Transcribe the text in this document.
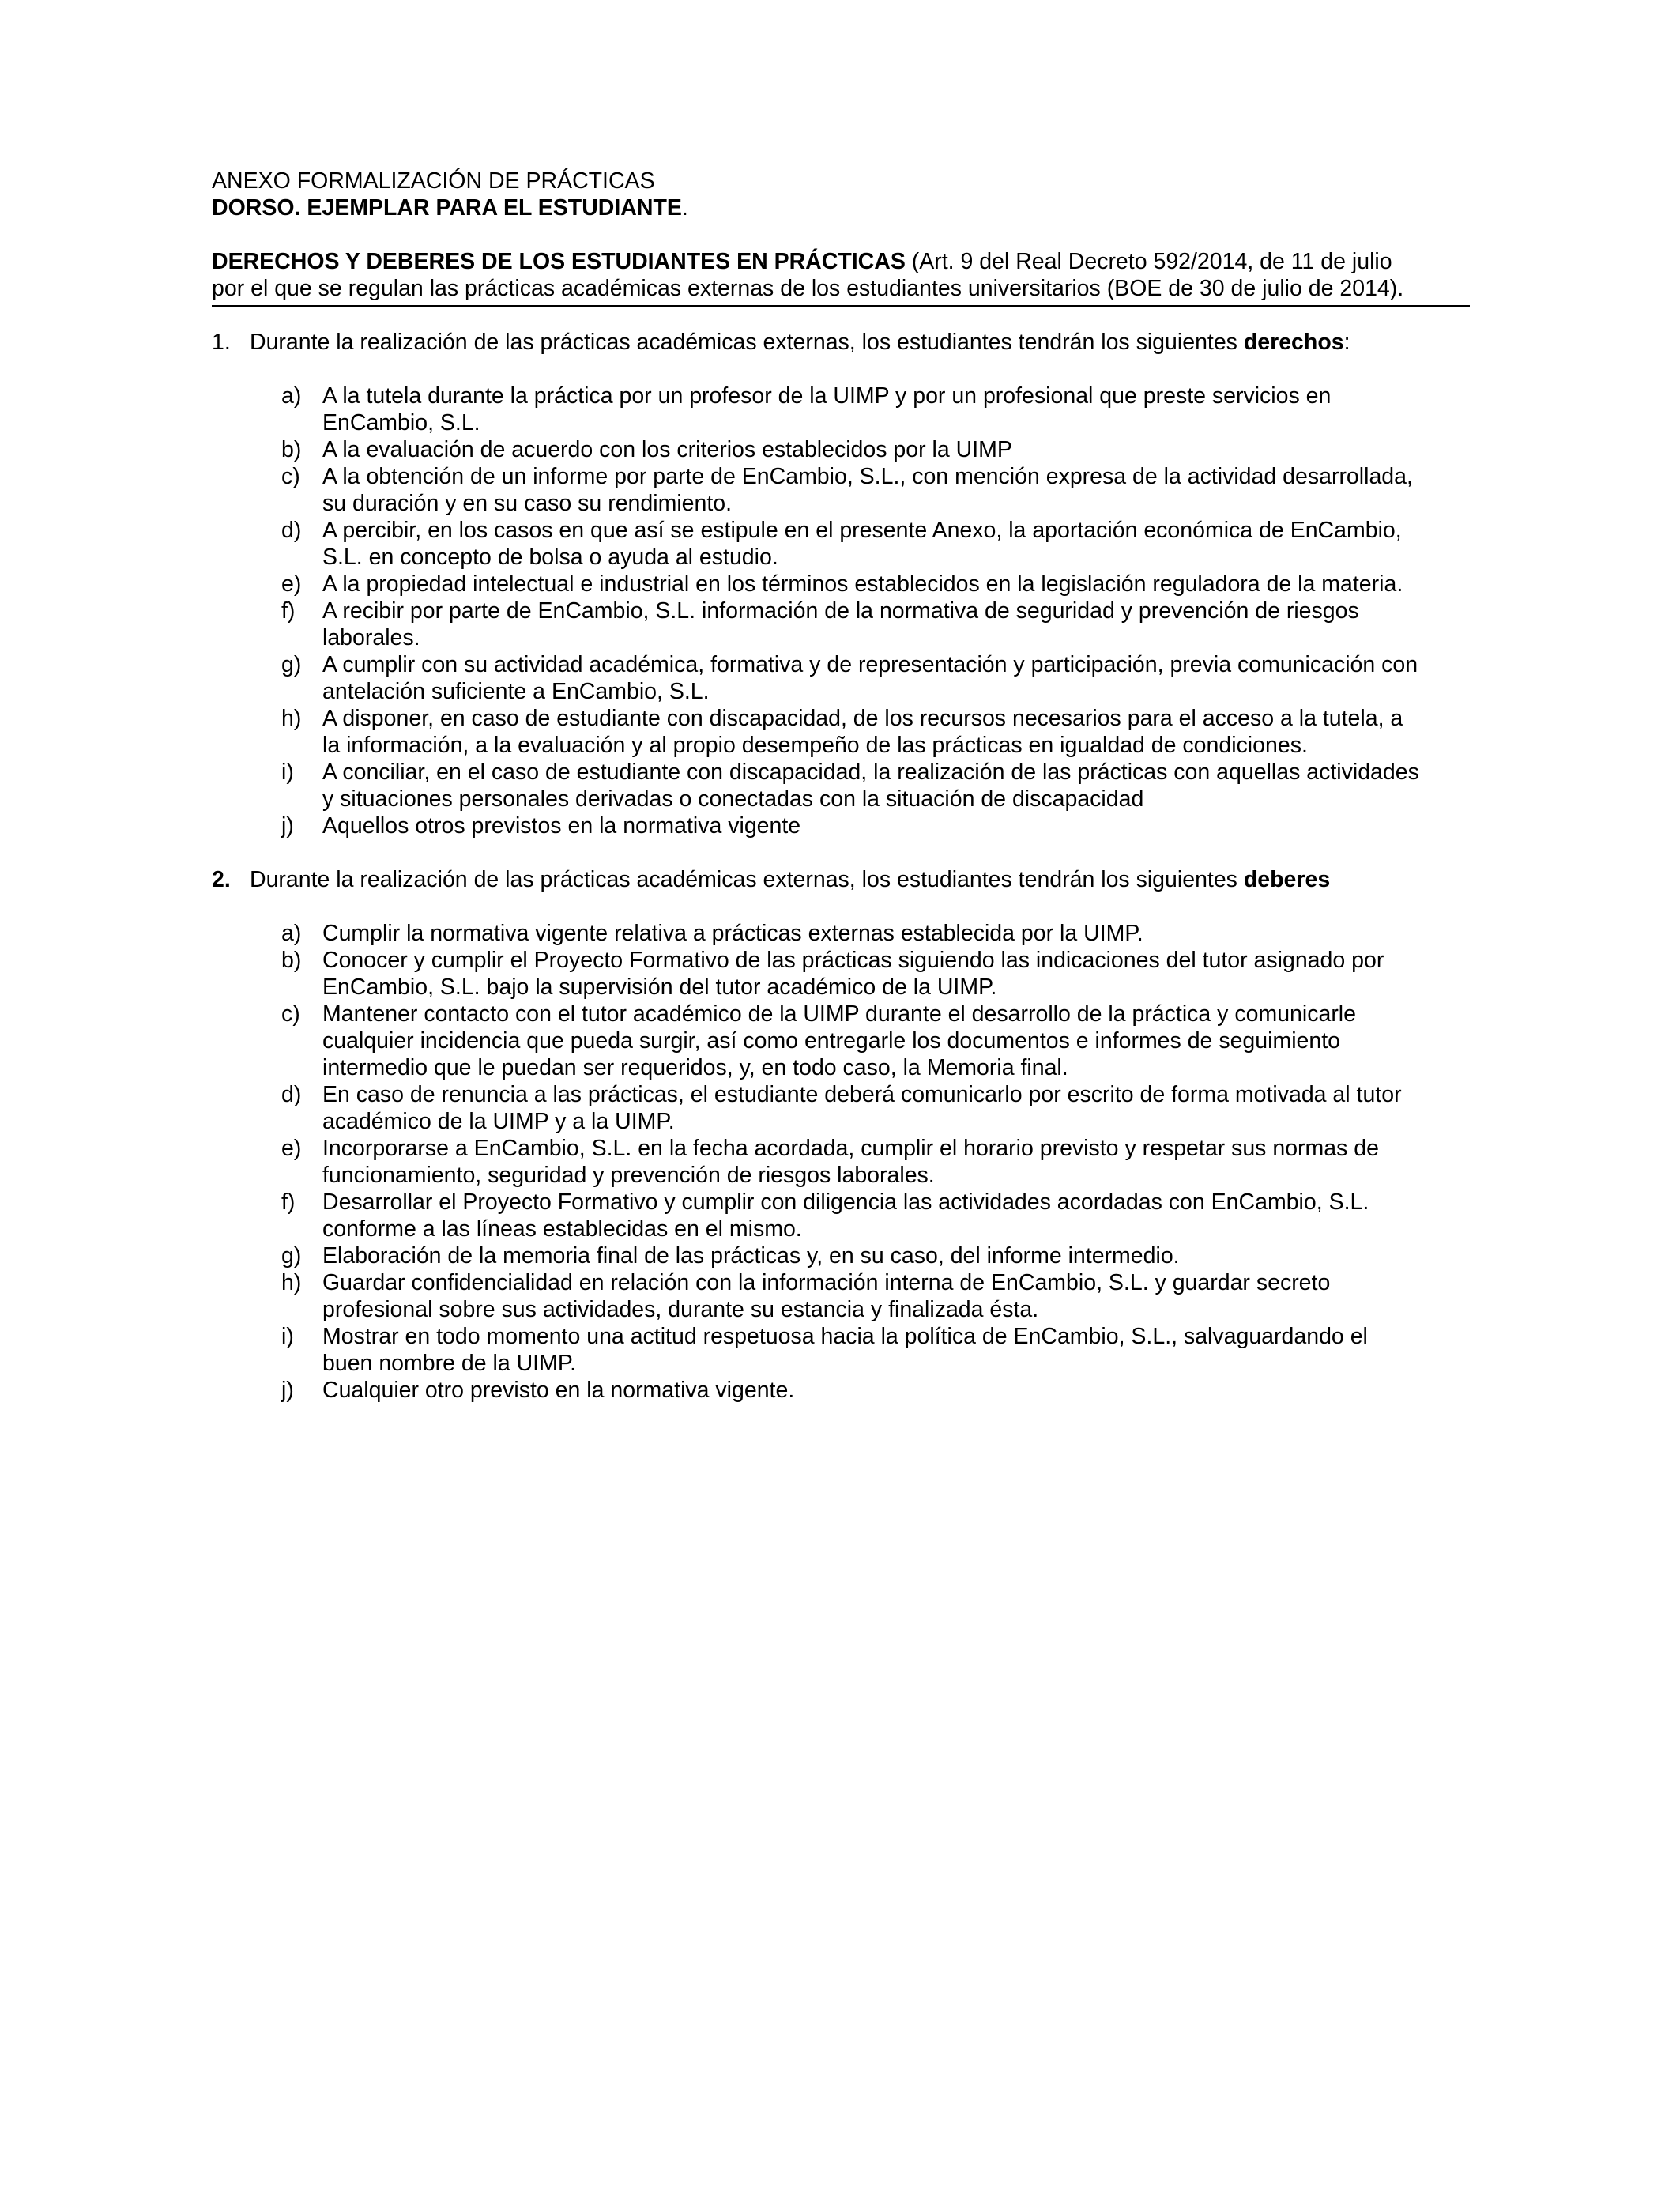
ANEXO FORMALIZACIÓN DE PRÁCTICAS

DORSO. EJEMPLAR PARA EL ESTUDIANTE.

DERECHOS Y DEBERES DE LOS ESTUDIANTES EN PRÁCTICAS (Art. 9 del Real Decreto 592/2014, de 11 de julio
por el que se regulan las prácticas académicas externas de los estudiantes universitarios (BOE de 30 de julio de 2014).
1. Durante la realización de las prácticas académicas externas, los estudiantes tendrán los siguientes derechos:
a) A la tutela durante la práctica por un profesor de la UIMP y por un profesional que preste servicios en
EnCambio, S.L.
b) A la evaluación de acuerdo con los criterios establecidos por la UIMP
c) A la obtención de un informe por parte de EnCambio, S.L., con mención expresa de la actividad desarrollada,
su duración y en su caso su rendimiento.
d) A percibir, en los casos en que así se estipule en el presente Anexo, la aportación económica de EnCambio,
S.L. en concepto de bolsa o ayuda al estudio.
e) A la propiedad intelectual e industrial en los términos establecidos en la legislación reguladora de la materia.
f) A recibir por parte de EnCambio, S.L. información de la normativa de seguridad y prevención de riesgos
laborales.
g) A cumplir con su actividad académica, formativa y de representación y participación, previa comunicación con
antelación suficiente a EnCambio, S.L.
h) A disponer, en caso de estudiante con discapacidad, de los recursos necesarios para el acceso a la tutela, a
la información, a la evaluación y al propio desempeño de las prácticas en igualdad de condiciones.
i) A conciliar, en el caso de estudiante con discapacidad, la realización de las prácticas con aquellas actividades
y situaciones personales derivadas o conectadas con la situación de discapacidad
j) Aquellos otros previstos en la normativa vigente
2. Durante la realización de las prácticas académicas externas, los estudiantes tendrán los siguientes deberes
a) Cumplir la normativa vigente relativa a prácticas externas establecida por la UIMP.
b) Conocer y cumplir el Proyecto Formativo de las prácticas siguiendo las indicaciones del tutor asignado por
EnCambio, S.L. bajo la supervisión del tutor académico de la UIMP.
c) Mantener contacto con el tutor académico de la UIMP durante el desarrollo de la práctica y comunicarle
cualquier incidencia que pueda surgir, así como entregarle los documentos e informes de seguimiento
intermedio que le puedan ser requeridos, y, en todo caso, la Memoria final.
d) En caso de renuncia a las prácticas, el estudiante deberá comunicarlo por escrito de forma motivada al tutor
académico de la UIMP y a la UIMP.
e) Incorporarse a EnCambio, S.L. en la fecha acordada, cumplir el horario previsto y respetar sus normas de
funcionamiento, seguridad y prevención de riesgos laborales.
f) Desarrollar el Proyecto Formativo y cumplir con diligencia las actividades acordadas con EnCambio, S.L.
conforme a las líneas establecidas en el mismo.
g) Elaboración de la memoria final de las prácticas y, en su caso, del informe intermedio.
h) Guardar confidencialidad en relación con la información interna de EnCambio, S.L. y guardar secreto
profesional sobre sus actividades, durante su estancia y finalizada ésta.
i) Mostrar en todo momento una actitud respetuosa hacia la política de EnCambio, S.L., salvaguardando el
buen nombre de la UIMP.
j) Cualquier otro previsto en la normativa vigente.
